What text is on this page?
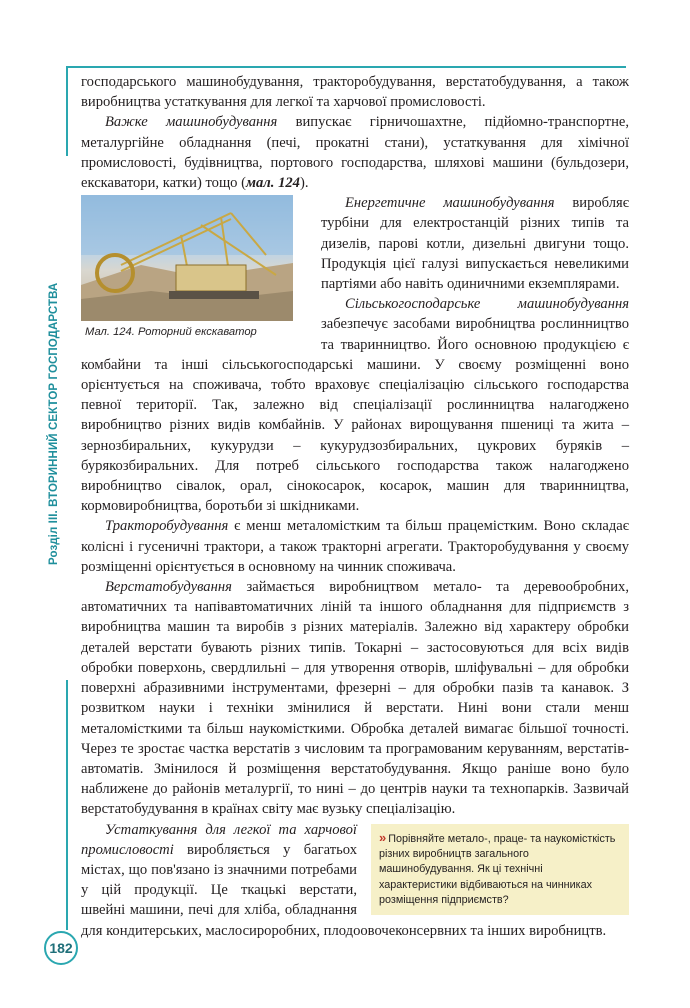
Розділ III. ВТОРИННИЙ СЕКТОР ГОСПОДАРСТВА
182

господарського машинобудування, тракторобудування, верстатобудування, а також виробництва устаткування для легкої та харчової промисловості.

Важке машинобудування випускає гірничошахтне, підйомно-транспортне, металургійне обладнання (печі, прокатні стани), устаткування для хімічної промисловості, будівництва, портового господарства, шляхові машини (бульдозери, екскаватори, катки) тощо (мал. 124).

Мал. 124. Роторний екскаватор

Енергетичне машинобудування виробляє турбіни для електростанцій різних типів та дизелів, парові котли, дизельні двигуни тощо. Продукція цієї галузі випускається невеликими партіями або навіть одиничними екземплярами.

Сільськогосподарське машинобудування забезпечує засобами виробництва рослинництво та тваринництво. Його основною продукцією є комбайни та інші сільськогосподарські машини. У своєму розміщенні воно орієнтується на споживача, тобто враховує спеціалізацію сільського господарства певної території. Так, залежно від спеціалізації рослинництва налагоджено виробництво різних видів комбайнів. У районах вирощування пшениці та жита – зернозбиральних, кукурудзи – кукурудзозбиральних, цукрових буряків – бурякозбиральних. Для потреб сільського господарства також налагоджено виробництво сівалок, орал, сінокосарок, косарок, машин для тваринництва, кормовиробництва, боротьби зі шкідниками.

Тракторобудування є менш металомістким та більш працемістким. Воно складає колісні і гусеничні трактори, а також тракторні агрегати. Тракторобудування у своєму розміщенні орієнтується в основному на чинник споживача.

Верстатобудування займається виробництвом метало- та деревообробних, автоматичних та напівавтоматичних ліній та іншого обладнання для підприємств з виробництва машин та виробів з різних матеріалів. Залежно від характеру обробки деталей верстати бувають різних типів. Токарні – застосовуються для всіх видів обробки поверхонь, свердлильні – для утворення отворів, шліфувальні – для обробки поверхні абразивними інструментами, фрезерні – для обробки пазів та канавок. З розвитком науки і техніки змінилися й верстати. Нині вони стали менш металомісткими та більш наукомісткими. Обробка деталей вимагає більшої точності. Через те зростає частка верстатів з числовим та програмованим керуванням, верстатів-автоматів. Змінилося й розміщення верстатобудування. Якщо раніше воно було наближене до районів металургії, то нині – до центрів науки та технопарків. Зазвичай верстатобудування в країнах світу має вузьку спеціалізацію.

» Порівняйте метало-, праце- та наукомісткість різних виробництв загального машинобудування. Як ці технічні характеристики відбиваються на чинниках розміщення підприємств?

Устаткування для легкої та харчової промисловості виробляється у багатьох містах, що пов'язано із значними потребами у цій продукції. Це ткацькі верстати, швейні машини, печі для хліба, обладнання для кондитерських, маслосироробних, плодоовочеконсервних та інших виробництв.
